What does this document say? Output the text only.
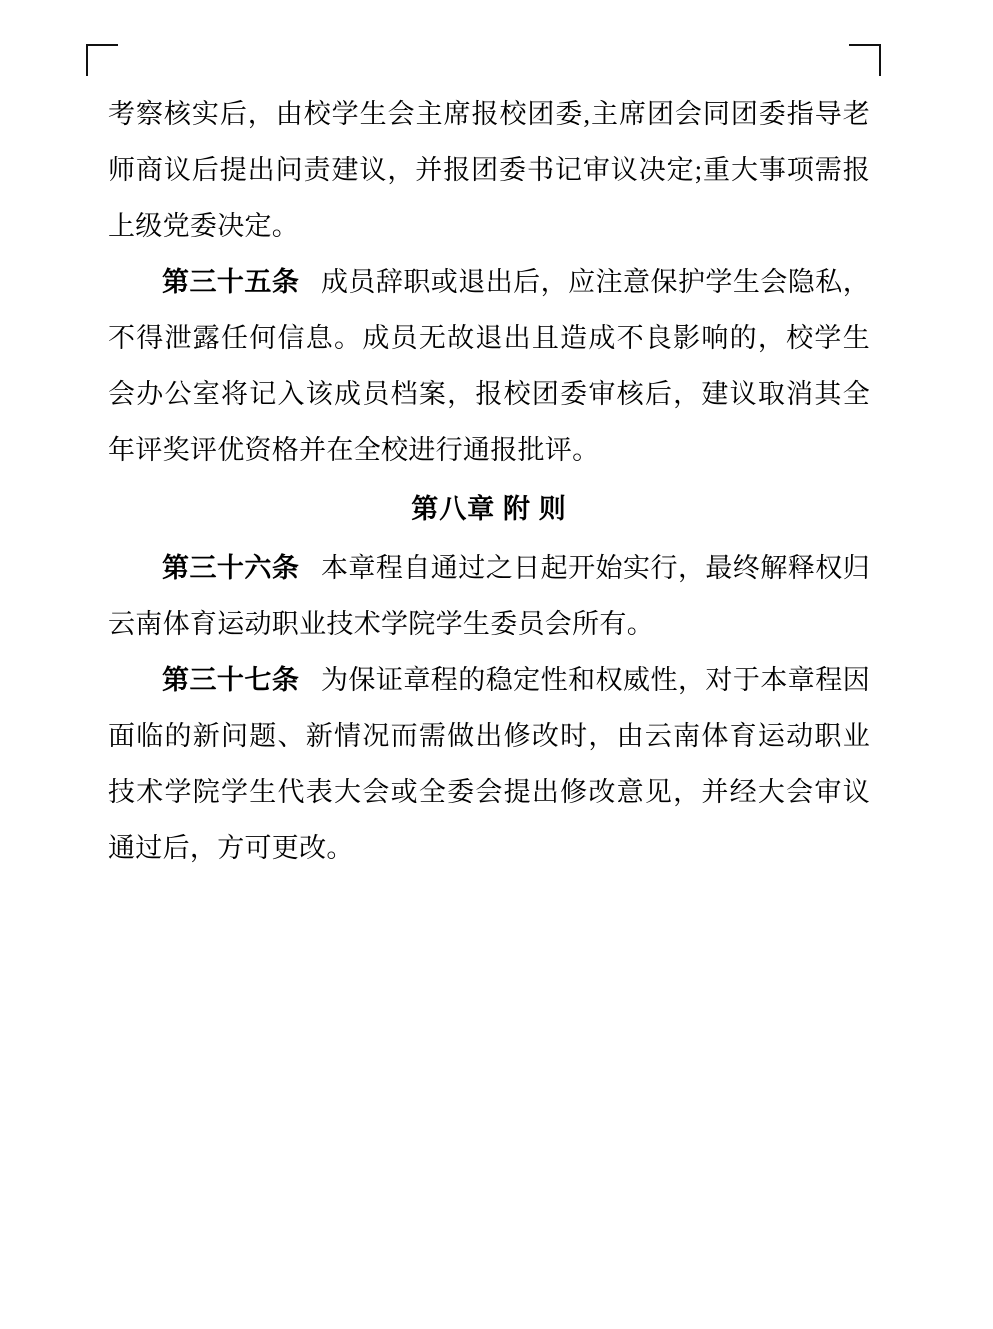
考察核实后，由校学生会主席报校团委,主席团会同团委指导老师商议后提出问责建议，并报团委书记审议决定;重大事项需报上级党委决定。

第三十五条 成员辞职或退出后，应注意保护学生会隐私，不得泄露任何信息。成员无故退出且造成不良影响的，校学生会办公室将记入该成员档案，报校团委审核后，建议取消其全年评奖评优资格并在全校进行通报批评。

第八章 附 则

第三十六条 本章程自通过之日起开始实行，最终解释权归云南体育运动职业技术学院学生委员会所有。

第三十七条 为保证章程的稳定性和权威性，对于本章程因面临的新问题、新情况而需做出修改时，由云南体育运动职业技术学院学生代表大会或全委会提出修改意见，并经大会审议通过后，方可更改。
